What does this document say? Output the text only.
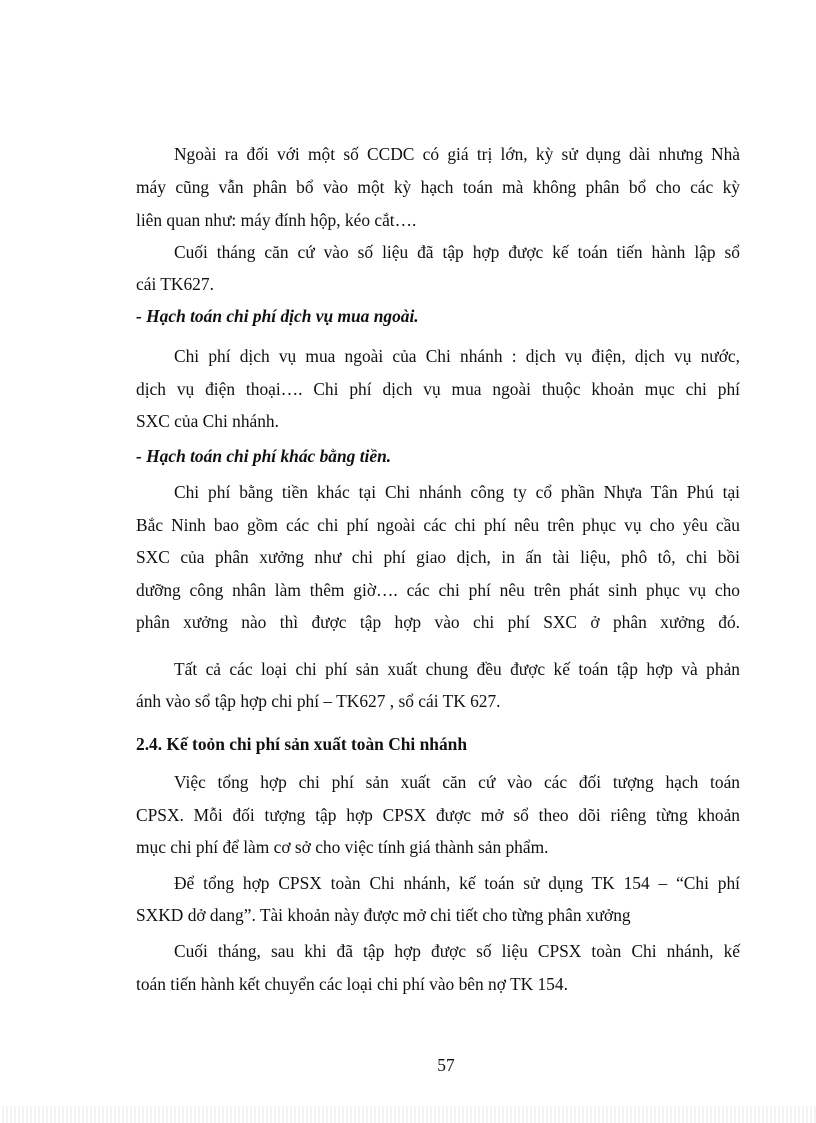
Ngoài ra đối với một số CCDC có giá trị lớn, kỳ sử dụng dài nhưng Nhà
máy cũng vẫn phân bổ vào một kỳ hạch toán mà không phân bổ cho các kỳ
liên quan như: máy đính hộp, kéo cắt….
Cuối tháng căn cứ vào số liệu đã tập hợp được kế toán tiến hành lập sổ
cái TK627.
- Hạch toán chi phí dịch vụ mua ngoài.
Chi phí dịch vụ mua ngoài của Chi nhánh : dịch vụ điện, dịch vụ nước,
dịch vụ điện thoại…. Chi phí dịch vụ mua ngoài thuộc khoản mục chi phí
SXC của Chi nhánh.
- Hạch toán chi phí khác bằng tiền.
Chi phí bằng tiền khác tại Chi nhánh công ty cổ phần Nhựa Tân Phú tại
Bắc Ninh bao gồm các chi phí ngoài các chi phí nêu trên phục vụ cho yêu cầu
SXC của phân xưởng như chi phí giao dịch, in ấn tài liệu, phô tô, chi bồi
dưỡng công nhân làm thêm giờ…. các chi phí nêu trên phát sinh phục vụ cho
phân xưởng nào thì được tập hợp vào chi phí SXC ở phân xưởng đó.
Tất cả các loại chi phí sản xuất chung đều được kế toán tập hợp và phản
ánh vào sổ tập hợp chi phí – TK627 , sổ cái TK 627.
2.4. Kế toỏn chi phí sản xuất toàn Chi nhánh
Việc tổng hợp chi phí sản xuất căn cứ vào các đối tượng hạch toán
CPSX. Mỗi đối tượng tập hợp CPSX được mở sổ theo dõi riêng từng khoản
mục chi phí để làm cơ sở cho việc tính giá thành sản phẩm.
Để tổng hợp CPSX toàn Chi nhánh, kế toán sử dụng TK 154 – “Chi phí
SXKD dở dang”. Tài khoản này được mở chi tiết cho từng phân xưởng
Cuối tháng, sau khi đã tập hợp được số liệu CPSX toàn Chi nhánh, kế
toán tiến hành kết chuyển các loại chi phí vào bên nợ TK 154.
57
